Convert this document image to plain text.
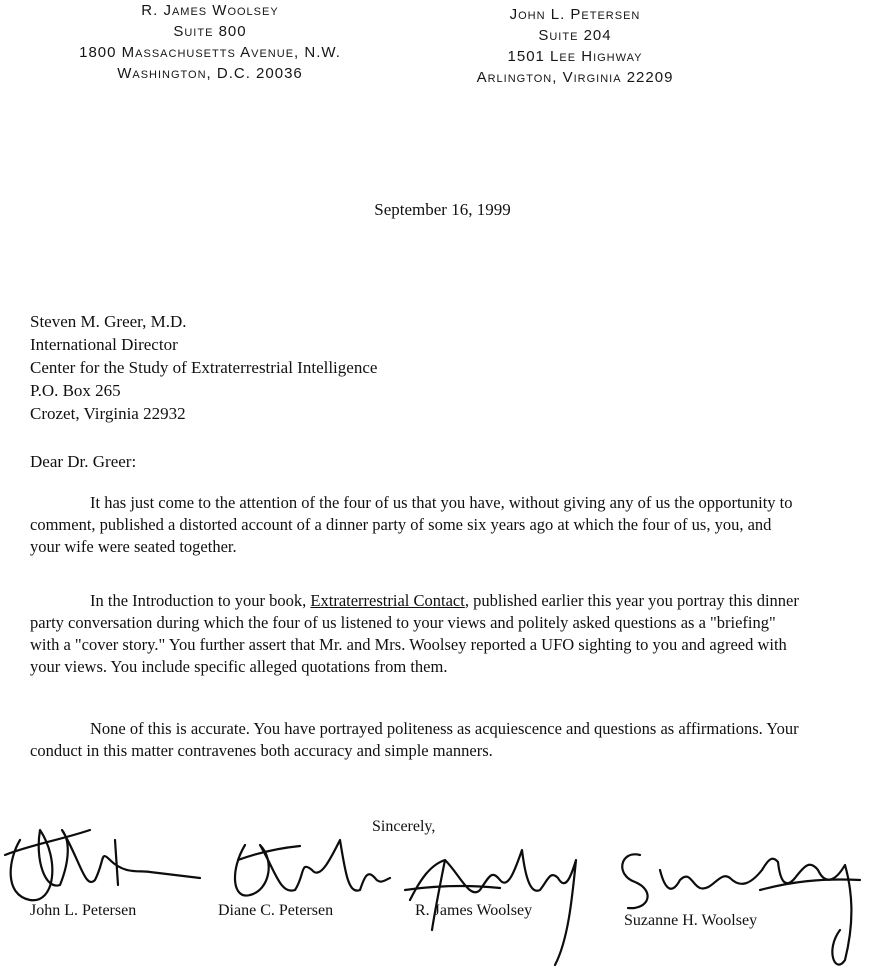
R. James Woolsey
Suite 800
1800 Massachusetts Avenue, N.W.
Washington, D.C. 20036
John L. Petersen
Suite 204
1501 Lee Highway
Arlington, Virginia 22209
September 16, 1999
Steven M. Greer, M.D.
International Director
Center for the Study of Extraterrestrial Intelligence
P.O. Box 265
Crozet, Virginia 22932
Dear Dr. Greer:

It has just come to the attention of the four of us that you have, without giving any of us the opportunity to comment, published a distorted account of a dinner party of some six years ago at which the four of us, you, and your wife were seated together.

In the Introduction to your book, Extraterrestrial Contact, published earlier this year you portray this dinner party conversation during which the four of us listened to your views and politely asked questions as a "briefing" with a "cover story." You further assert that Mr. and Mrs. Woolsey reported a UFO sighting to you and agreed with your views. You include specific alleged quotations from them.

None of this is accurate. You have portrayed politeness as acquiescence and questions as affirmations. Your conduct in this matter contravenes both accuracy and simple manners.

Sincerely,
John L. Petersen	Diane C. Petersen	R. James Woolsey
Suzanne H. Woolsey
